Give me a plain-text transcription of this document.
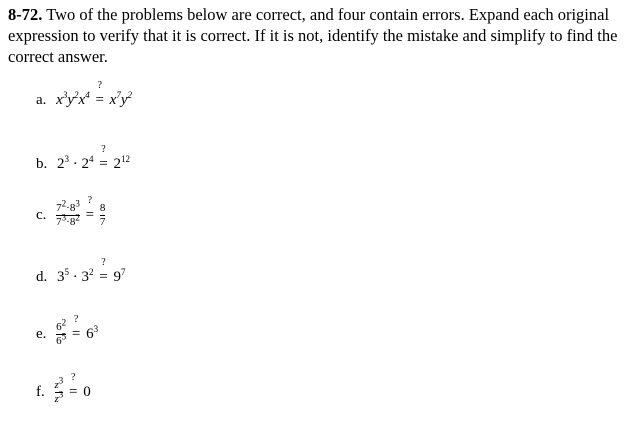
8-72. Two of the problems below are correct, and four contain errors. Expand each original expression to verify that it is correct. If it is not, identify the mistake and simplify to find the correct answer.
a. $x^3y^2x^4$
?
= $x^7y^2$
b. $2^3 \cdot 2^4$
?
= $2^{12}$
c. $\frac{7^2\cdot 8^3}{7^3\cdot 8^2}$

?
= $\frac{8}{7}$
d. $3^5 \cdot 3^2$
?
= $9^7$
e. $\frac{6^2}{6^5}$

?
= $6^3$
f. $\frac{z^3}{z^3}$

?
= 0
